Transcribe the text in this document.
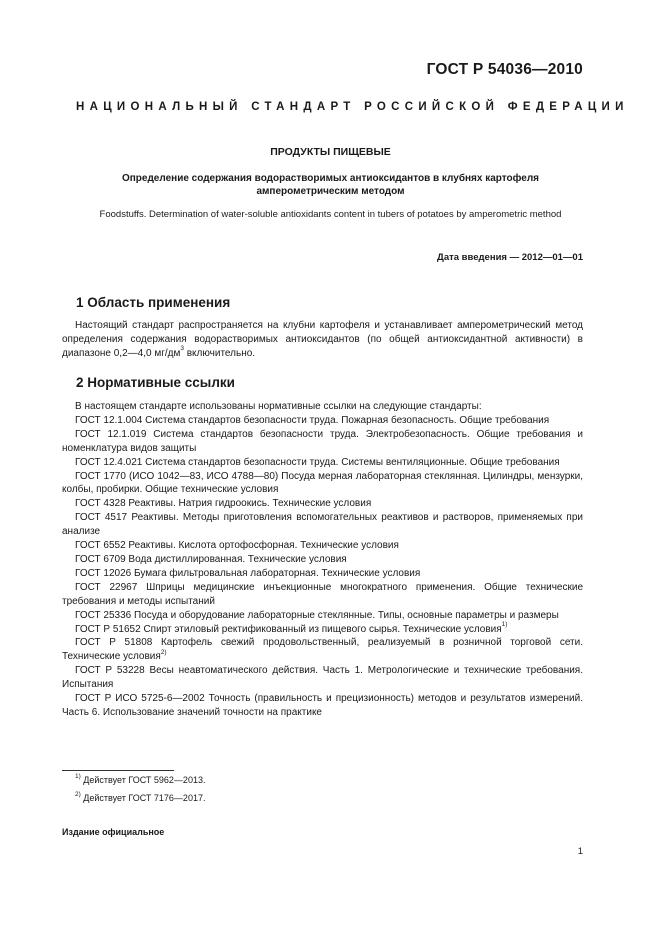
ГОСТ Р 54036—2010
НАЦИОНАЛЬНЫЙ СТАНДАРТ РОССИЙСКОЙ ФЕДЕРАЦИИ
ПРОДУКТЫ ПИЩЕВЫЕ
Определение содержания водорастворимых антиоксидантов в клубнях картофеля амперометрическим методом
Foodstuffs. Determination of water-soluble antioxidants content in tubers of potatoes by amperometric method
Дата введения — 2012—01—01
1 Область применения

Настоящий стандарт распространяется на клубни картофеля и устанавливает амперометрический метод определения содержания водорастворимых антиоксидантов (по общей антиоксидантной активности) в диапазоне 0,2—4,0 $мг/дм^3$ включительно.

2 Нормативные ссылки

В настоящем стандарте использованы нормативные ссылки на следующие стандарты:

ГОСТ 12.1.004 Система стандартов безопасности труда. Пожарная безопасность. Общие требования

ГОСТ 12.1.019 Система стандартов безопасности труда. Электробезопасность. Общие требования и номенклатура видов защиты

ГОСТ 12.4.021 Система стандартов безопасности труда. Системы вентиляционные. Общие требования

ГОСТ 1770 (ИСО 1042—83, ИСО 4788—80) Посуда мерная лабораторная стеклянная. Цилиндры, мензурки, колбы, пробирки. Общие технические условия

ГОСТ 4328 Реактивы. Натрия гидроокись. Технические условия

ГОСТ 4517 Реактивы. Методы приготовления вспомогательных реактивов и растворов, применяемых при анализе

ГОСТ 6552 Реактивы. Кислота ортофосфорная. Технические условия

ГОСТ 6709 Вода дистиллированная. Технические условия

ГОСТ 12026 Бумага фильтровальная лабораторная. Технические условия

ГОСТ 22967 Шприцы медицинские инъекционные многократного применения. Общие технические требования и методы испытаний

ГОСТ 25336 Посуда и оборудование лабораторные стеклянные. Типы, основные параметры и размеры

ГОСТ Р 51652 Спирт этиловый ректификованный из пищевого сырья. Технические условия$^{1)}$

ГОСТ Р 51808 Картофель свежий продовольственный, реализуемый в розничной торговой сети. Технические условия$^{2)}$

ГОСТ Р 53228 Весы неавтоматического действия. Часть 1. Метрологические и технические требования. Испытания

ГОСТ Р ИСО 5725-6—2002 Точность (правильность и прецизионность) методов и результатов измерений. Часть 6. Использование значений точности на практике

$^{1)}$ Действует ГОСТ 5962—2013.
$^{2)}$ Действует ГОСТ 7176—2017.
Издание официальное
1
